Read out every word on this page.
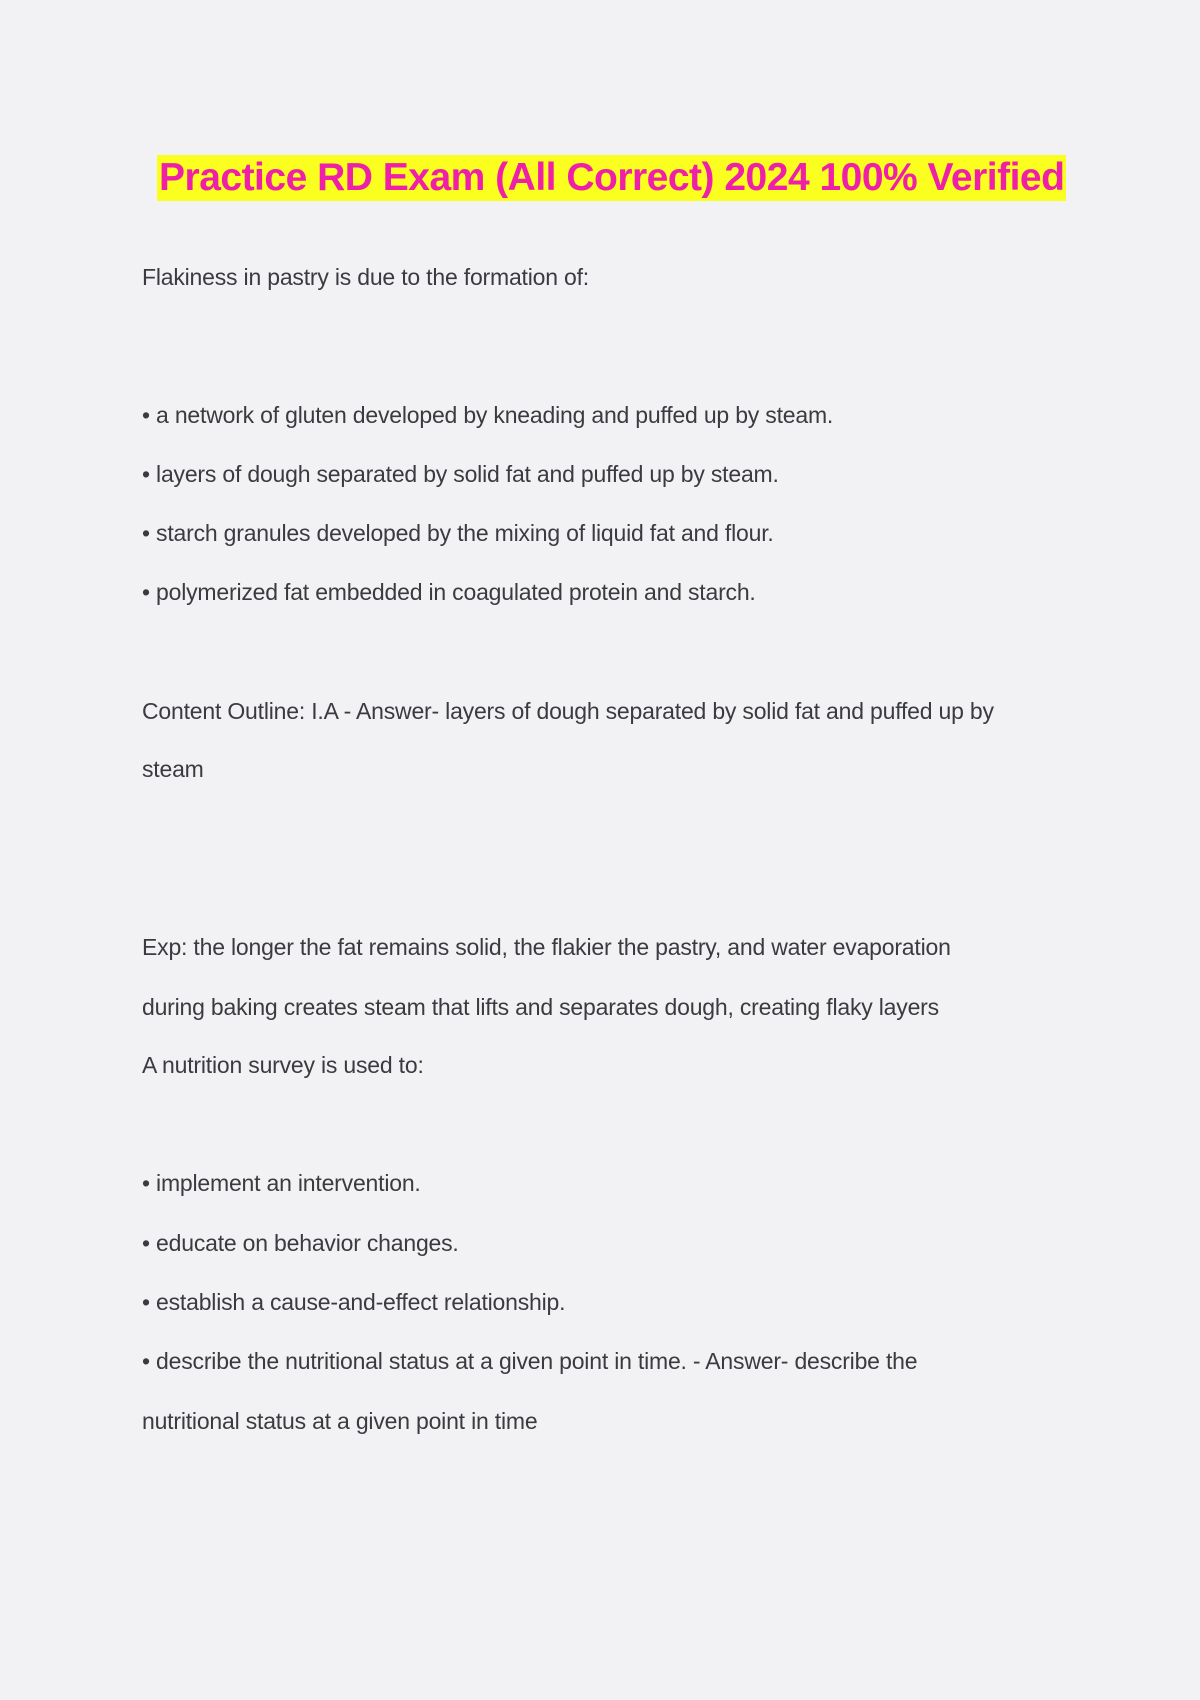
Practice RD Exam (All Correct) 2024 100% Verified
Flakiness in pastry is due to the formation of:
• a network of gluten developed by kneading and puffed up by steam.
• layers of dough separated by solid fat and puffed up by steam.
• starch granules developed by the mixing of liquid fat and flour.
• polymerized fat embedded in coagulated protein and starch.
Content Outline: I.A - Answer- layers of dough separated by solid fat and puffed up by
steam
Exp: the longer the fat remains solid, the flakier the pastry, and water evaporation
during baking creates steam that lifts and separates dough, creating flaky layers
A nutrition survey is used to:
• implement an intervention.
• educate on behavior changes.
• establish a cause-and-effect relationship.
• describe the nutritional status at a given point in time. - Answer- describe the
nutritional status at a given point in time
